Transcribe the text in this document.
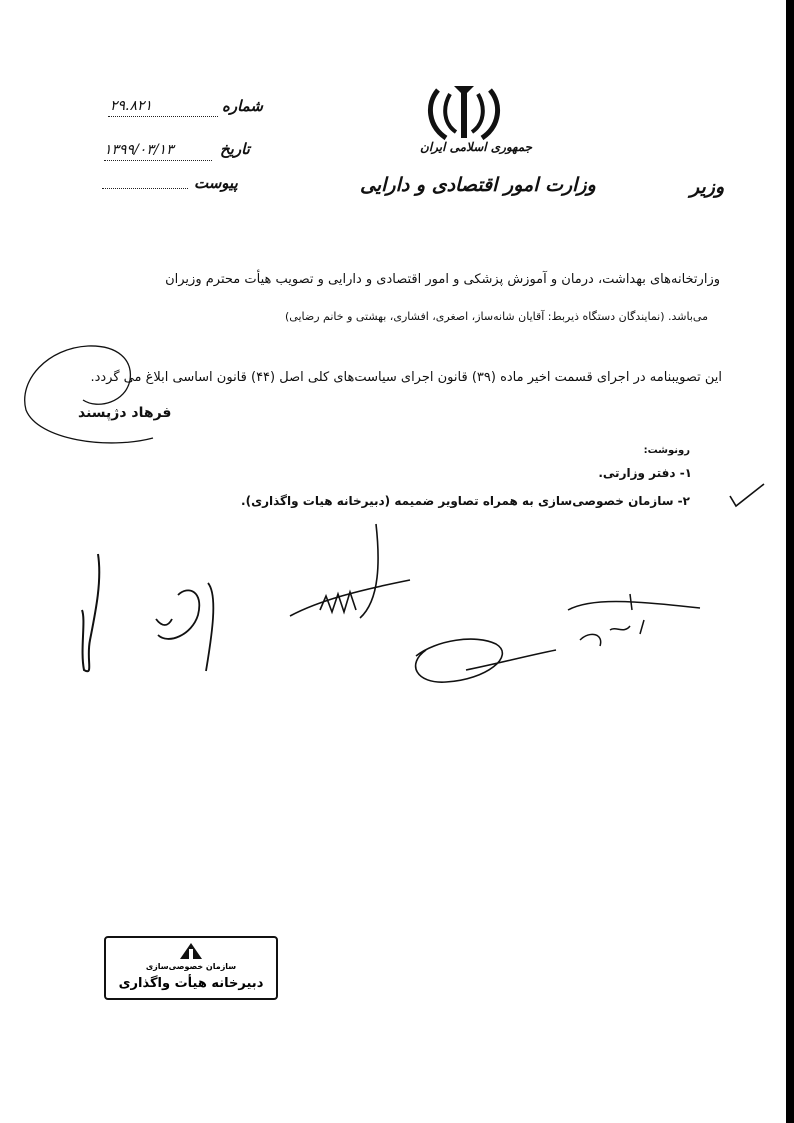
جمهوری اسلامی ایران
وزارت امور اقتصادی و دارایی	وزیر
شماره
۲۹.۸۲۱
تاریخ
۱۳۹۹/۰۳/۱۳
پیوست
وزارتخانه‌های بهداشت، درمان و آموزش پزشکی و امور اقتصادی و دارایی و تصویب هیأت محترم وزیران
می‌باشد. (نمایندگان دستگاه ذیربط: آقایان شانه‌ساز، اصغری، افشاری، بهشتی و خانم رضایی)
این تصویبنامه در اجرای قسمت اخیر ماده (۳۹) قانون اجرای سیاست‌های کلی اصل (۴۴) قانون اساسی ابلاغ می گردد.
فرهاد دژپسند
رونوشت:
۱- دفتر وزارتی.
۲- سازمان خصوصی‌سازی به همراه تصاویر ضمیمه (دبیرخانه هیات واگذاری).
سازمان خصوصی‌سازی
دبیرخانه هیأت واگذاری
